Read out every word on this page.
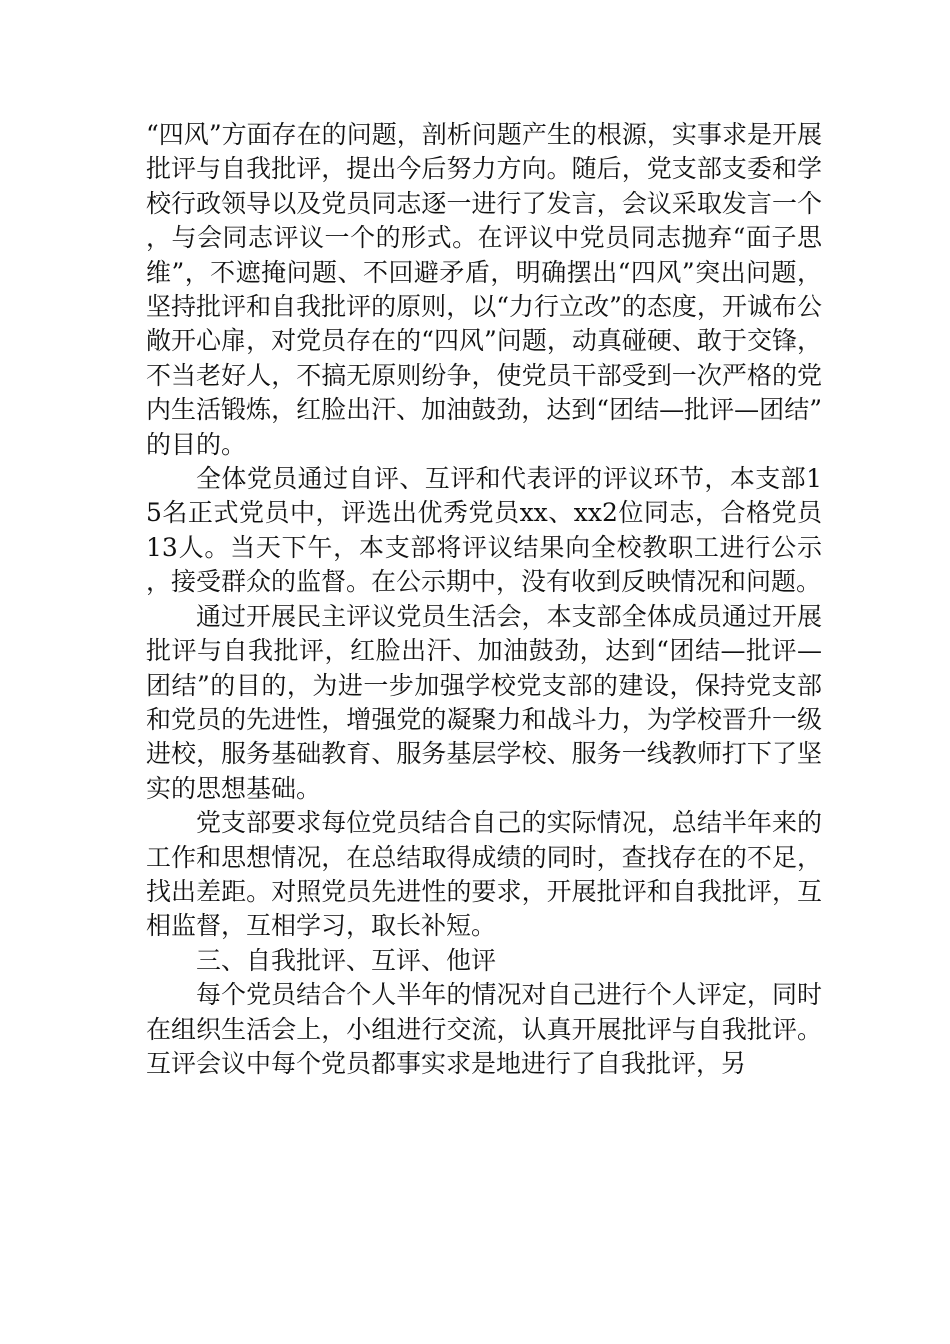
“四风”方面存在的问题，剖析问题产生的根源，实事求是开展批评与自我批评，提出今后努力方向。随后，党支部支委和学校行政领导以及党员同志逐一进行了发言，会议采取发言一个，与会同志评议一个的形式。在评议中党员同志抛弃“面子思维”，不遮掩问题、不回避矛盾，明确摆出“四风”突出问题，坚持批评和自我批评的原则，以“力行立改”的态度，开诚布公敞开心扉，对党员存在的“四风”问题，动真碰硬、敢于交锋，不当老好人，不搞无原则纷争，使党员干部受到一次严格的党内生活锻炼，红脸出汗、加油鼓劲，达到“团结—批评—团结”的目的。

全体党员通过自评、互评和代表评的评议环节，本支部15名正式党员中，评选出优秀党员xx、xx2位同志，合格党员13人。当天下午，本支部将评议结果向全校教职工进行公示，接受群众的监督。在公示期中，没有收到反映情况和问题。

通过开展民主评议党员生活会，本支部全体成员通过开展批评与自我批评，红脸出汗、加油鼓劲，达到“团结—批评—团结”的目的，为进一步加强学校党支部的建设，保持党支部和党员的先进性，增强党的凝聚力和战斗力，为学校晋升一级进校，服务基础教育、服务基层学校、服务一线教师打下了坚实的思想基础。

党支部要求每位党员结合自己的实际情况，总结半年来的工作和思想情况，在总结取得成绩的同时，查找存在的不足，找出差距。对照党员先进性的要求，开展批评和自我批评，互相监督，互相学习，取长补短。

三、自我批评、互评、他评

每个党员结合个人半年的情况对自己进行个人评定，同时在组织生活会上，小组进行交流，认真开展批评与自我批评。互评会议中每个党员都事实求是地进行了自我批评，另
